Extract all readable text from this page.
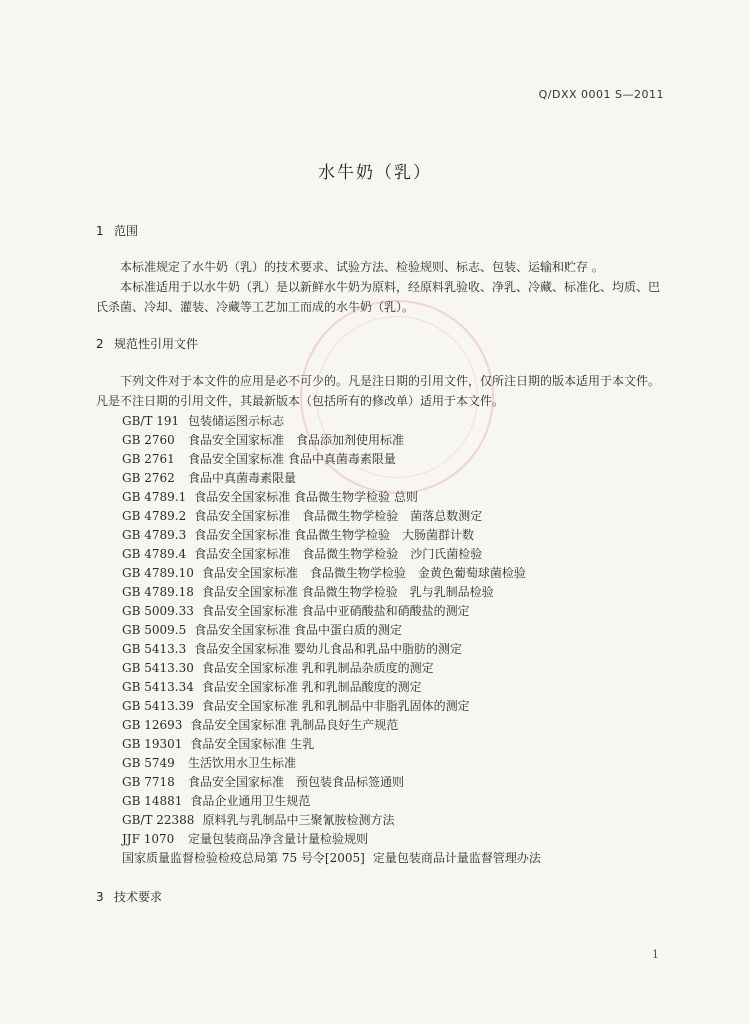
Q/DXX 0001 S—2011
水牛奶（乳）
1 范围
本标准规定了水牛奶（乳）的技术要求、试验方法、检验规则、标志、包装、运输和贮存 。
本标准适用于以水牛奶（乳）是以新鲜水牛奶为原料，经原料乳验收、净乳、冷藏、标准化、均质、巴氏杀菌、冷却、灌装、冷藏等工艺加工而成的水牛奶（乳）。
2 规范性引用文件
下列文件对于本文件的应用是必不可少的。凡是注日期的引用文件，仅所注日期的版本适用于本文件。凡是不注日期的引用文件，其最新版本（包括所有的修改单）适用于本文件。
GB/T 191 包装储运图示标志
GB 2760 食品安全国家标准　食品添加剂使用标准
GB 2761 食品安全国家标准 食品中真菌毒素限量
GB 2762 食品中真菌毒素限量
GB 4789.1 食品安全国家标准 食品微生物学检验 总则
GB 4789.2 食品安全国家标准　食品微生物学检验　菌落总数测定
GB 4789.3 食品安全国家标准 食品微生物学检验　大肠菌群计数
GB 4789.4 食品安全国家标准　食品微生物学检验　沙门氏菌检验
GB 4789.10 食品安全国家标准　食品微生物学检验　金黄色葡萄球菌检验
GB 4789.18 食品安全国家标准 食品微生物学检验　乳与乳制品检验
GB 5009.33 食品安全国家标准 食品中亚硝酸盐和硝酸盐的测定
GB 5009.5 食品安全国家标准 食品中蛋白质的测定
GB 5413.3 食品安全国家标准 婴幼儿食品和乳品中脂肪的测定
GB 5413.30 食品安全国家标准 乳和乳制品杂质度的测定
GB 5413.34 食品安全国家标准 乳和乳制品酸度的测定
GB 5413.39 食品安全国家标准 乳和乳制品中非脂乳固体的测定
GB 12693 食品安全国家标准 乳制品良好生产规范
GB 19301 食品安全国家标准 生乳
GB 5749 生活饮用水卫生标准
GB 7718 食品安全国家标准　预包装食品标签通则
GB 14881 食品企业通用卫生规范
GB/T 22388 原料乳与乳制品中三聚氰胺检测方法
JJF 1070 定量包装商品净含量计量检验规则
国家质量监督检验检疫总局第 75 号令[2005] 定量包装商品计量监督管理办法
3 技术要求
1
